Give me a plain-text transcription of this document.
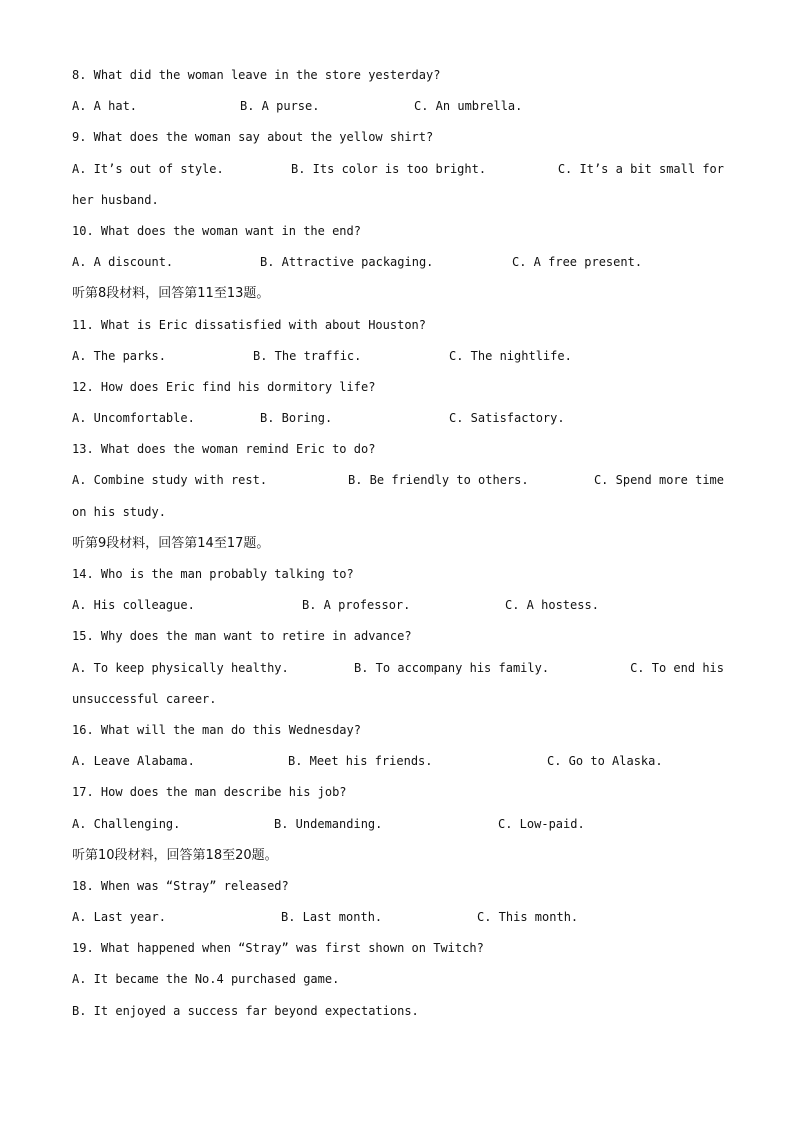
8. What did the woman leave in the store yesterday?
A. A hat.	B. A purse.	C. An umbrella.
9. What does the woman say about the yellow shirt?
A. It’s out of style.	B. Its color is too bright.	C. It’s a bit small for
her husband.
10. What does the woman want in the end?
A. A discount.	B. Attractive packaging.	C. A free present.
听第8段材料，回答第11至13题。
11. What is Eric dissatisfied with about Houston?
A. The parks.	B. The traffic.	C. The nightlife.
12. How does Eric find his dormitory life?
A. Uncomfortable.	B. Boring.	C. Satisfactory.
13. What does the woman remind Eric to do?
A. Combine study with rest.	B. Be friendly to others.	C. Spend more time
on his study.
听第9段材料，回答第14至17题。
14. Who is the man probably talking to?
A. His colleague.	B. A professor.	C. A hostess.
15. Why does the man want to retire in advance?
A. To keep physically healthy.	B. To accompany his family.	C. To end his
unsuccessful career.
16. What will the man do this Wednesday?
A. Leave Alabama.	B. Meet his friends.	C. Go to Alaska.
17. How does the man describe his job?
A. Challenging.	B. Undemanding.	C. Low-paid.
听第10段材料，回答第18至20题。
18. When was “Stray” released?
A. Last year.	B. Last month.	C. This month.
19. What happened when “Stray” was first shown on Twitch?
A. It became the No.4 purchased game.
B. It enjoyed a success far beyond expectations.
